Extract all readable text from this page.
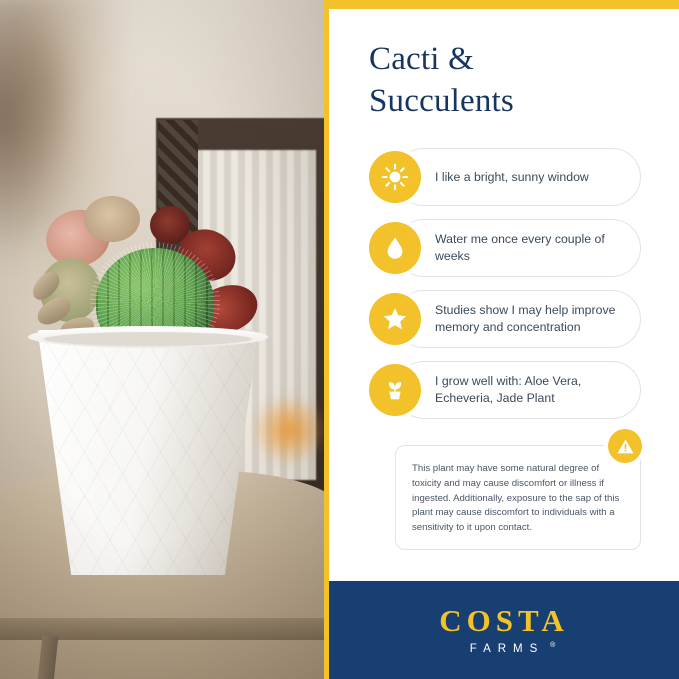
Cacti &
Succulents
I like a bright, sunny window
Water me once every couple of weeks
Studies show I may help improve memory and concentration
I grow well with: Aloe Vera, Echeveria, Jade Plant
This plant may have some natural degree of toxicity and may cause discomfort or illness if ingested. Additionally, exposure to the sap of this plant may cause discomfort to individuals with a sensitivity to it upon contact.
COSTA
FARMS ®
